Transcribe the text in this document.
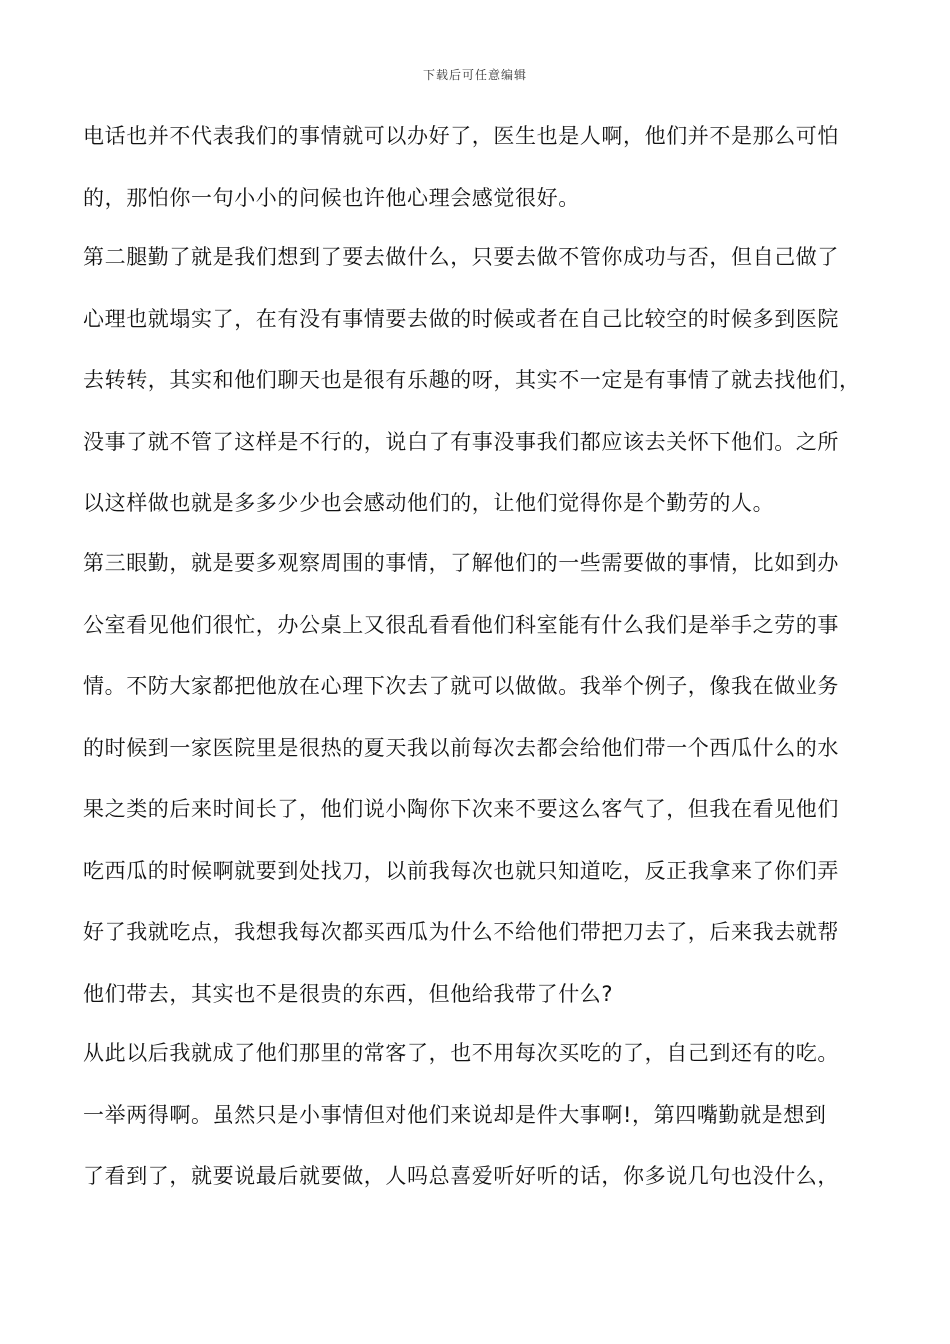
下载后可任意编辑
电话也并不代表我们的事情就可以办好了，医生也是人啊，他们并不是那么可怕
的，那怕你一句小小的问候也许他心理会感觉很好。
第二腿勤了就是我们想到了要去做什么，只要去做不管你成功与否，但自己做了
心理也就塌实了，在有没有事情要去做的时候或者在自己比较空的时候多到医院
去转转，其实和他们聊天也是很有乐趣的呀，其实不一定是有事情了就去找他们，
没事了就不管了这样是不行的，说白了有事没事我们都应该去关怀下他们。之所
以这样做也就是多多少少也会感动他们的，让他们觉得你是个勤劳的人。
第三眼勤，就是要多观察周围的事情，了解他们的一些需要做的事情，比如到办
公室看见他们很忙，办公桌上又很乱看看他们科室能有什么我们是举手之劳的事
情。不防大家都把他放在心理下次去了就可以做做。我举个例子，像我在做业务
的时候到一家医院里是很热的夏天我以前每次去都会给他们带一个西瓜什么的水
果之类的后来时间长了，他们说小陶你下次来不要这么客气了，但我在看见他们
吃西瓜的时候啊就要到处找刀，以前我每次也就只知道吃，反正我拿来了你们弄
好了我就吃点，我想我每次都买西瓜为什么不给他们带把刀去了，后来我去就帮
他们带去，其实也不是很贵的东西，但他给我带了什么?
从此以后我就成了他们那里的常客了，也不用每次买吃的了，自己到还有的吃。
一举两得啊。虽然只是小事情但对他们来说却是件大事啊!，第四嘴勤就是想到
了看到了，就要说最后就要做，人吗总喜爱听好听的话，你多说几句也没什么，
